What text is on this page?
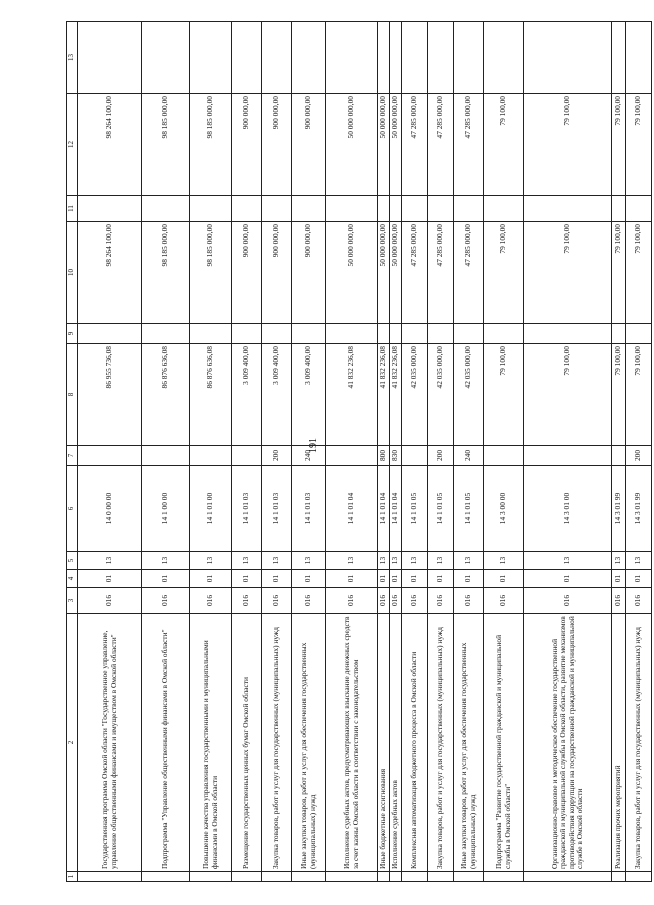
191
1	2	3	4	5	6	7	8	9	10	11	12	13
	Государственная программа Омской области "Государственное управление, управление общественными финансами и имуществом в Омской области"	016	01	13	14 0 00 00		86 955 736,08		98 264 100,00		98 264 100,00	
	Подпрограмма "Управление общественными финансами в Омской области"	016	01	13	14 1 00 00		86 876 636,08		98 185 000,00		98 185 000,00	
	Повышение качества управления государственными и муниципальными финансами в Омской области	016	01	13	14 1 01 00		86 876 636,08		98 185 000,00		98 185 000,00	
	Размещение государственных ценных бумаг Омской области	016	01	13	14 1 01 03		3 009 400,00		900 000,00		900 000,00	
	Закупка товаров, работ и услуг для государственных (муниципальных) нужд	016	01	13	14 1 01 03	200	3 009 400,00		900 000,00		900 000,00	
	Иные закупки товаров, работ и услуг для обеспечения государственных (муниципальных) нужд	016	01	13	14 1 01 03	240	3 009 400,00		900 000,00		900 000,00	
	Исполнение судебных актов, предусматривающих взыскание денежных средств за счет казны Омской области в соответствии с законодательством	016	01	13	14 1 01 04		41 832 236,08		50 000 000,00		50 000 000,00	
	Иные бюджетные ассигнования	016	01	13	14 1 01 04	800	41 832 236,08		50 000 000,00		50 000 000,00	
	Исполнение судебных актов	016	01	13	14 1 01 04	830	41 832 236,08		50 000 000,00		50 000 000,00	
	Комплексная автоматизация бюджетного процесса в Омской области	016	01	13	14 1 01 05		42 035 000,00		47 285 000,00		47 285 000,00	
	Закупка товаров, работ и услуг для государственных (муниципальных) нужд	016	01	13	14 1 01 05	200	42 035 000,00		47 285 000,00		47 285 000,00	
	Иные закупки товаров, работ и услуг для обеспечения государственных (муниципальных) нужд	016	01	13	14 1 01 05	240	42 035 000,00		47 285 000,00		47 285 000,00	
	Подпрограмма "Развитие государственной гражданской и муниципальной службы в Омской области"	016	01	13	14 3 00 00		79 100,00		79 100,00		79 100,00	
	Организационно-правовое и методическое обеспечение государственной гражданской и муниципальной службы в Омской области, развитие механизмов противодействия коррупции на государственной гражданской и муниципальной службе в Омской области	016	01	13	14 3 01 00		79 100,00		79 100,00		79 100,00	
	Реализация прочих мероприятий	016	01	13	14 3 01 99		79 100,00		79 100,00		79 100,00	
	Закупка товаров, работ и услуг для государственных (муниципальных) нужд	016	01	13	14 3 01 99	200	79 100,00		79 100,00		79 100,00	
